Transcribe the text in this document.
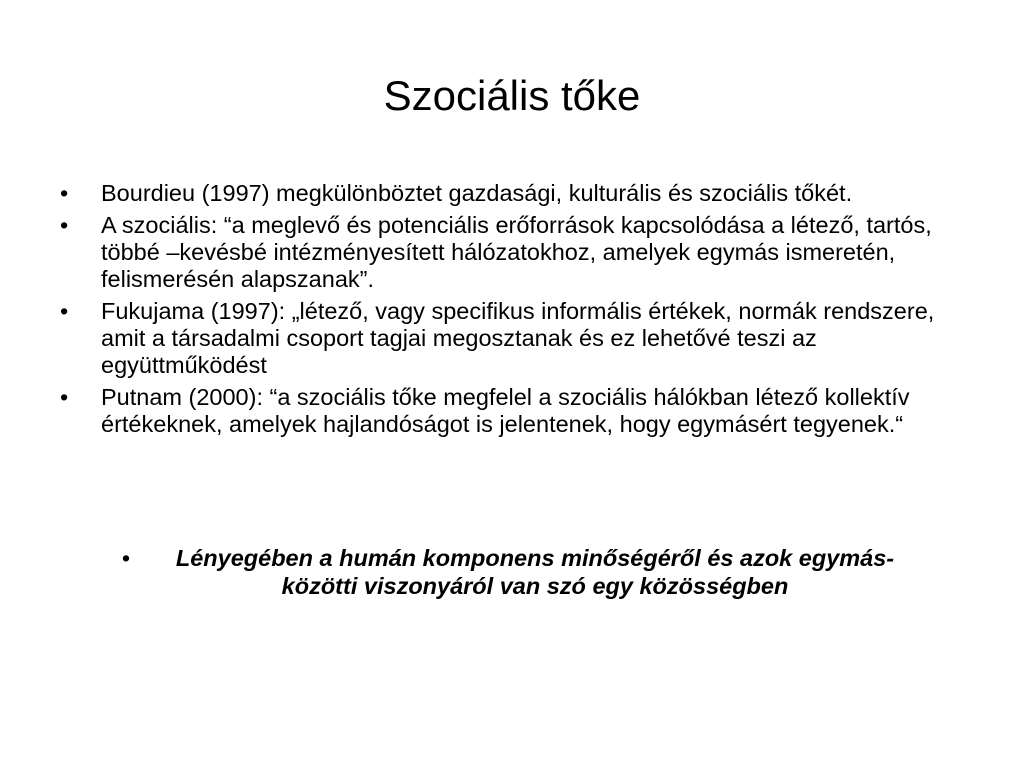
Szociális tőke
•	Bourdieu (1997) megkülönböztet gazdasági, kulturális és szociális tőkét.
•	A szociális: “a meglevő és potenciális erőforrások kapcsolódása a létező, tartós, többé –kevésbé intézményesített hálózatokhoz, amelyek egymás ismeretén, felismerésén alapszanak”.
•	Fukujama (1997): „létező, vagy specifikus informális értékek, normák rendszere, amit a társadalmi csoport tagjai megosztanak és ez lehetővé teszi az együttműködést
•	Putnam (2000): “a szociális tőke megfelel a szociális hálókban létező kollektív értékeknek, amelyek hajlandóságot is jelentenek, hogy egymásért tegyenek.“
• Lényegében a humán komponens minőségéről és azok egymás-közötti viszonyáról van szó egy közösségben
